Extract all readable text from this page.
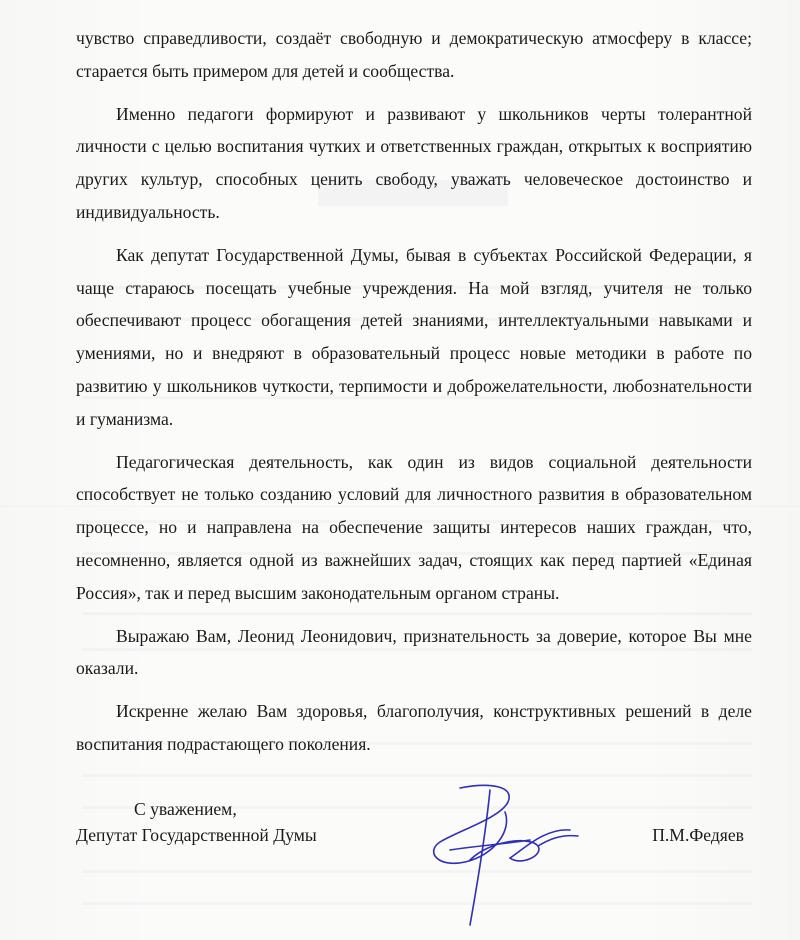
чувство справедливости, создаёт свободную и демократическую атмосферу в классе; старается быть примером для детей и сообщества.

Именно педагоги формируют и развивают у школьников черты толерантной личности с целью воспитания чутких и ответственных граждан, открытых к восприятию других культур, способных ценить свободу, уважать человеческое достоинство и индивидуальность.

Как депутат Государственной Думы, бывая в субъектах Российской Федерации, я чаще стараюсь посещать учебные учреждения. На мой взгляд, учителя не только обеспечивают процесс обогащения детей знаниями, интеллектуальными навыками и умениями, но и внедряют в образовательный процесс новые методики в работе по развитию у школьников чуткости, терпимости и доброжелательности, любознательности и гуманизма.

Педагогическая деятельность, как один из видов социальной деятельности способствует не только созданию условий для личностного развития в образовательном процессе, но и направлена на обеспечение защиты интересов наших граждан, что, несомненно, является одной из важнейших задач, стоящих как перед партией «Единая Россия», так и перед высшим законодательным органом страны.

Выражаю Вам, Леонид Леонидович, признательность за доверие, которое Вы мне оказали.

Искренне желаю Вам здоровья, благополучия, конструктивных решений в деле воспитания подрастающего поколения.

С уважением,
Депутат Государственной Думы	П.М.Федяев
